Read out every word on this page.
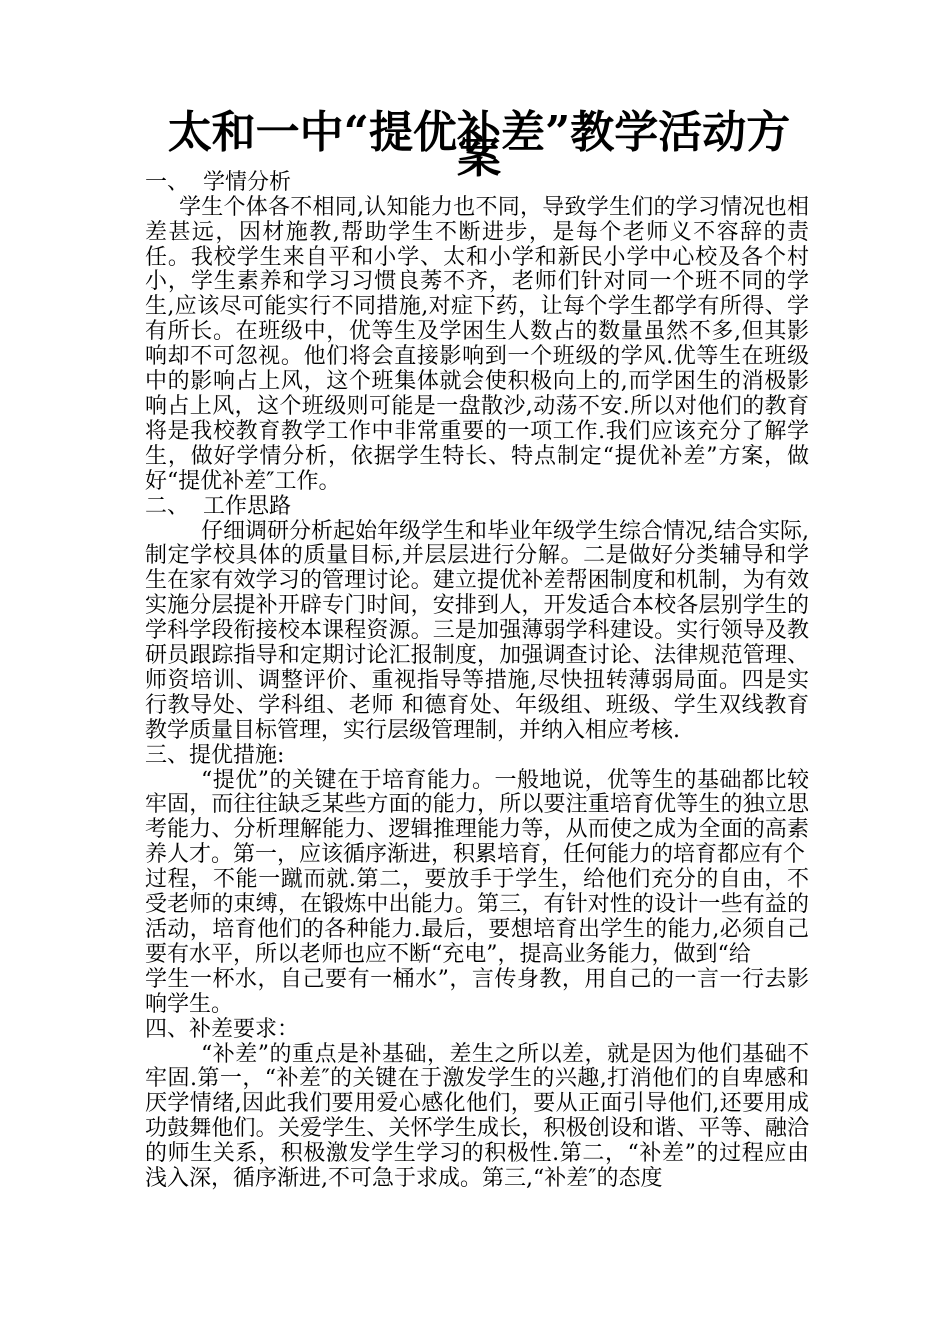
太和一中“提优补差”教学活动方案
一、  学情分析

学生个体各不相同,认知能力也不同，导致学生们的学习情况也相差甚远，因材施教,帮助学生不断进步，是每个老师义不容辞的责任。我校学生来自平和小学、太和小学和新民小学中心校及各个村小，学生素养和学习习惯良莠不齐，老师们针对同一个班不同的学生,应该尽可能实行不同措施,对症下药，让每个学生都学有所得、学有所长。在班级中，优等生及学困生人数占的数量虽然不多,但其影响却不可忽视。他们将会直接影响到一个班级的学风.优等生在班级中的影响占上风，这个班集体就会使积极向上的,而学困生的消极影响占上风，这个班级则可能是一盘散沙,动荡不安.所以对他们的教育将是我校教育教学工作中非常重要的一项工作.我们应该充分了解学生，做好学情分析，依据学生特长、特点制定“提优补差”方案，做好“提优补差″工作。

二、  工作思路

仔细调研分析起始年级学生和毕业年级学生综合情况,结合实际,制定学校具体的质量目标,并层层进行分解。二是做好分类辅导和学生在家有效学习的管理讨论。建立提优补差帮困制度和机制，为有效实施分层提补开辟专门时间，安排到人，开发适合本校各层别学生的学科学段衔接校本课程资源。三是加强薄弱学科建设。实行领导及教研员跟踪指导和定期讨论汇报制度，加强调查讨论、法律规范管理、师资培训、调整评价、重视指导等措施,尽快扭转薄弱局面。四是实行教导处、学科组、老师 和德育处、年级组、班级、学生双线教育教学质量目标管理，实行层级管理制，并纳入相应考核.

三、提优措施:

“提优”的关键在于培育能力。一般地说，优等生的基础都比较牢固，而往往缺乏某些方面的能力，所以要注重培育优等生的独立思考能力、分析理解能力、逻辑推理能力等，从而使之成为全面的高素养人才。第一，应该循序渐进，积累培育，任何能力的培育都应有个

过程，不能一蹴而就.第二，要放手于学生，给他们充分的自由，不受老师的束缚，在锻炼中出能力。第三，有针对性的设计一些有益的活动，培育他们的各种能力.最后，要想培育出学生的能力,必须自己要有水平，所以老师也应不断“充电”，提高业务能力，做到“给

学生一杯水，自己要有一桶水”，言传身教，用自己的一言一行去影响学生。

四、补差要求：

“补差”的重点是补基础，差生之所以差，就是因为他们基础不牢固.第一，“补差″的关键在于激发学生的兴趣,打消他们的自卑感和厌学情绪,因此我们要用爱心感化他们，要从正面引导他们,还要用成功鼓舞他们。关爱学生、关怀学生成长，积极创设和谐、平等、融洽的师生关系，积极激发学生学习的积极性.第二，“补差”的过程应由浅入深，循序渐进,不可急于求成。第三,“补差″的态度
